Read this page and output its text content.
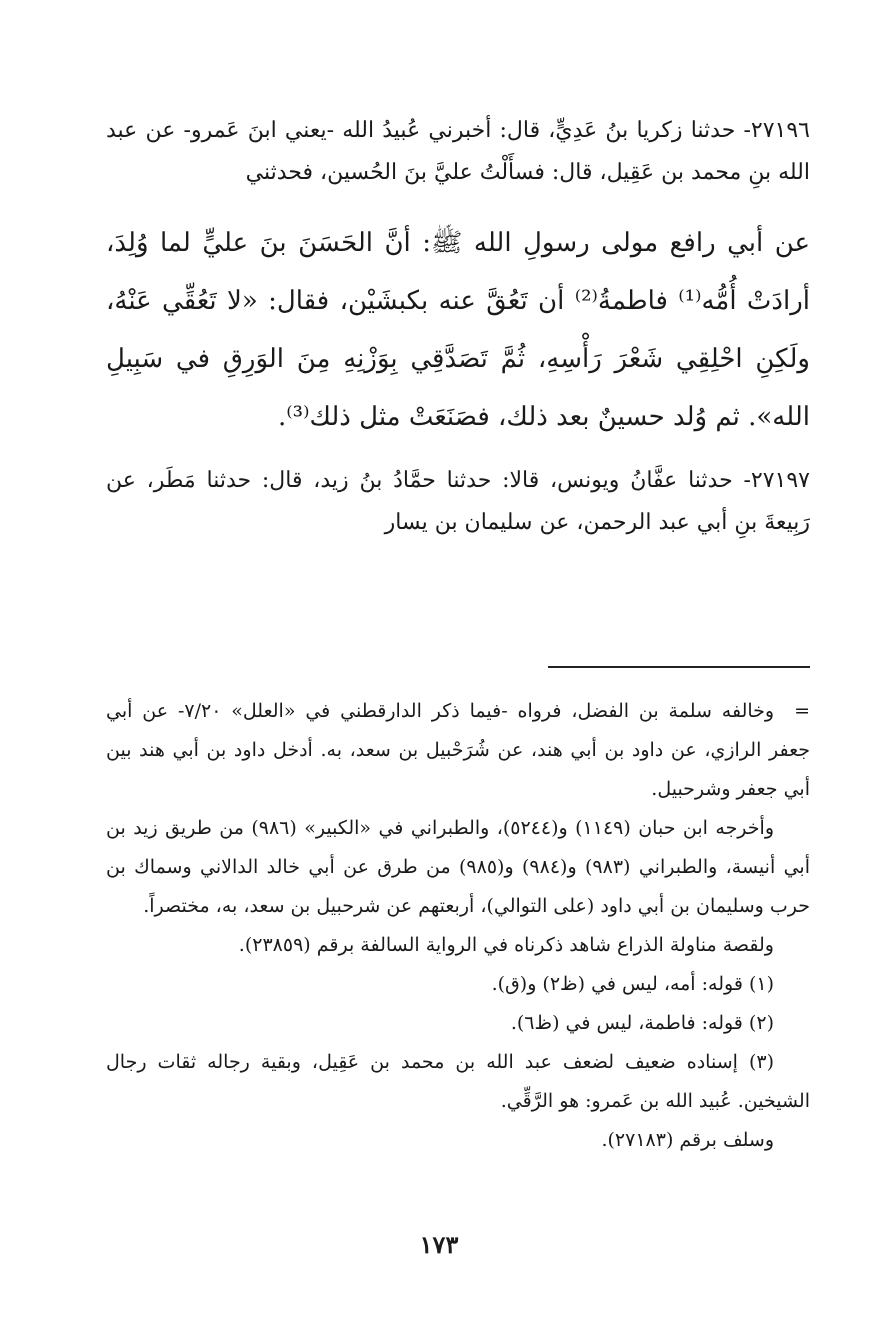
٢٧١٩٦- حدثنا زكريا بنُ عَدِيٍّ، قال: أخبرني عُبيدُ الله -يعني ابنَ عَمرو- عن عبد الله بنِ محمد بن عَقِيل، قال: فسأَلْتُ عليَّ بنَ الحُسين، فحدثني

عن أبي رافع مولى رسولِ الله ﷺ: أنَّ الحَسَنَ بنَ عليٍّ لما وُلِدَ، أرادَتْ أُمُّه⁽¹⁾ فاطمةُ⁽²⁾ أن تَعُقَّ عنه بكبشَيْن، فقال: «لا تَعُقِّي عَنْهُ، ولَكِنِ احْلِقِي شَعْرَ رَأْسِهِ، ثُمَّ تَصَدَّقِي بِوَزْنِهِ مِنَ الوَرِقِ في سَبِيلِ الله». ثم وُلد حسينٌ بعد ذلك، فصَنَعَتْ مثل ذلك⁽³⁾.

٢٧١٩٧- حدثنا عفَّانُ ويونس، قالا: حدثنا حمَّادُ بنُ زيد، قال: حدثنا مَطَر، عن رَبِيعةَ بنِ أبي عبد الرحمن، عن سليمان بن يسار

=وخالفه سلمة بن الفضل، فرواه -فيما ذكر الدارقطني في «العلل» ٧/٢٠- عن أبي جعفر الرازي، عن داود بن أبي هند، عن شُرَحْبيل بن سعد، به. أدخل داود بن أبي هند بين أبي جعفر وشرحبيل.

وأخرجه ابن حبان (١١٤٩) و(٥٢٤٤)، والطبراني في «الكبير» (٩٨٦) من طريق زيد بن أبي أنيسة، والطبراني (٩٨٣) و(٩٨٤) و(٩٨٥) من طرق عن أبي خالد الدالاني وسماك بن حرب وسليمان بن أبي داود (على التوالي)، أربعتهم عن شرحبيل بن سعد، به، مختصراً.

ولقصة مناولة الذراع شاهد ذكرناه في الرواية السالفة برقم (٢٣٨٥٩).

(١) قوله: أمه، ليس في (ظ٢) و(ق).

(٢) قوله: فاطمة، ليس في (ظ٦).

(٣) إسناده ضعيف لضعف عبد الله بن محمد بن عَقِيل، وبقية رجاله ثقات رجال الشيخين. عُبيد الله بن عَمرو: هو الرَّقِّي.

وسلف برقم (٢٧١٨٣).

١٧٣
